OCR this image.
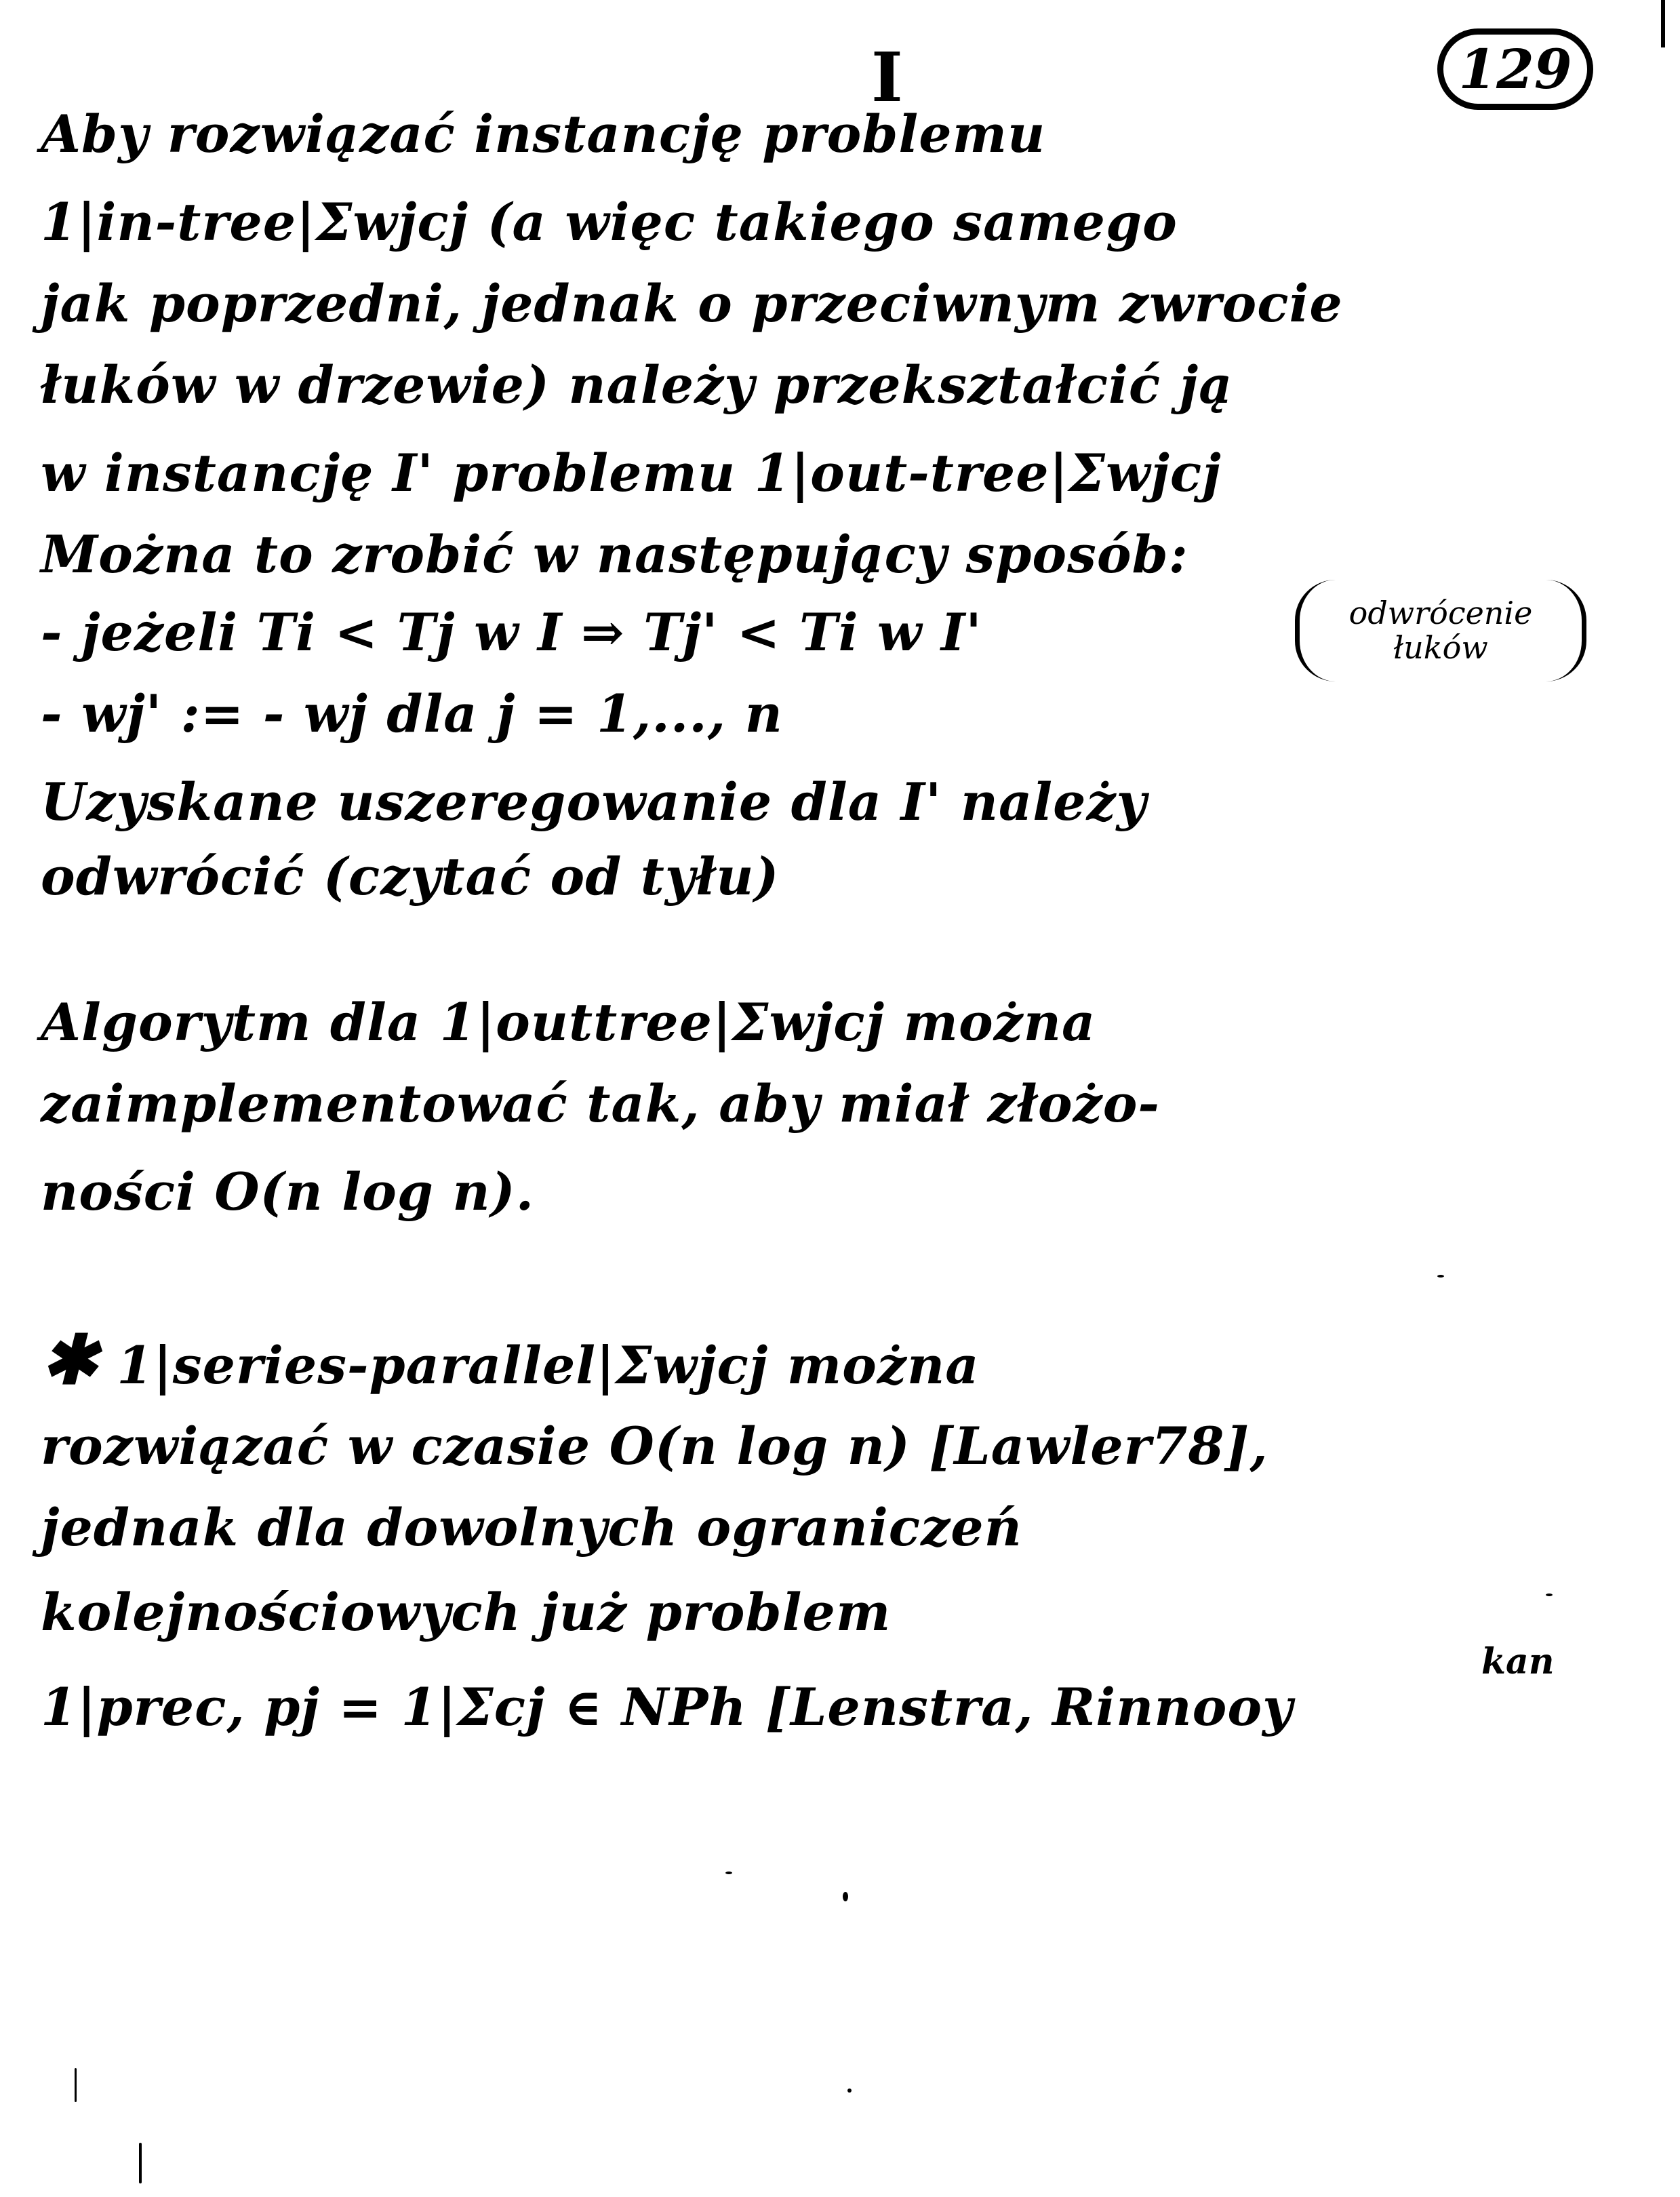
129
I
Aby rozwiązać instancję problemu
1|in-tree|Σwjcj (a więc takiego samego
jak poprzedni, jednak o przeciwnym zwrocie
łuków w drzewie) należy przekształcić ją
w instancję I' problemu 1|out-tree|Σwjcj
Można to zrobić w następujący sposób:
- jeżeli Ti < Tj w I ⇒ Tj' < Ti w I'	odwrócenie
łuków
- wj' := - wj dla j = 1,..., n
Uzyskane uszeregowanie dla I' należy
odwrócić (czytać od tyłu)
Algorytm dla 1|outtree|Σwjcj można
zaimplementować tak, aby miał złożo-
ności O(n log n).
✱ 1|series-parallel|Σwjcj można
rozwiązać w czasie O(n log n) [Lawler78],
jednak dla dowolnych ograniczeń
kolejnościowych już problem
1|prec, pj = 1|Σcj ∈ NPh [Lenstra, Rinnooy
kan
